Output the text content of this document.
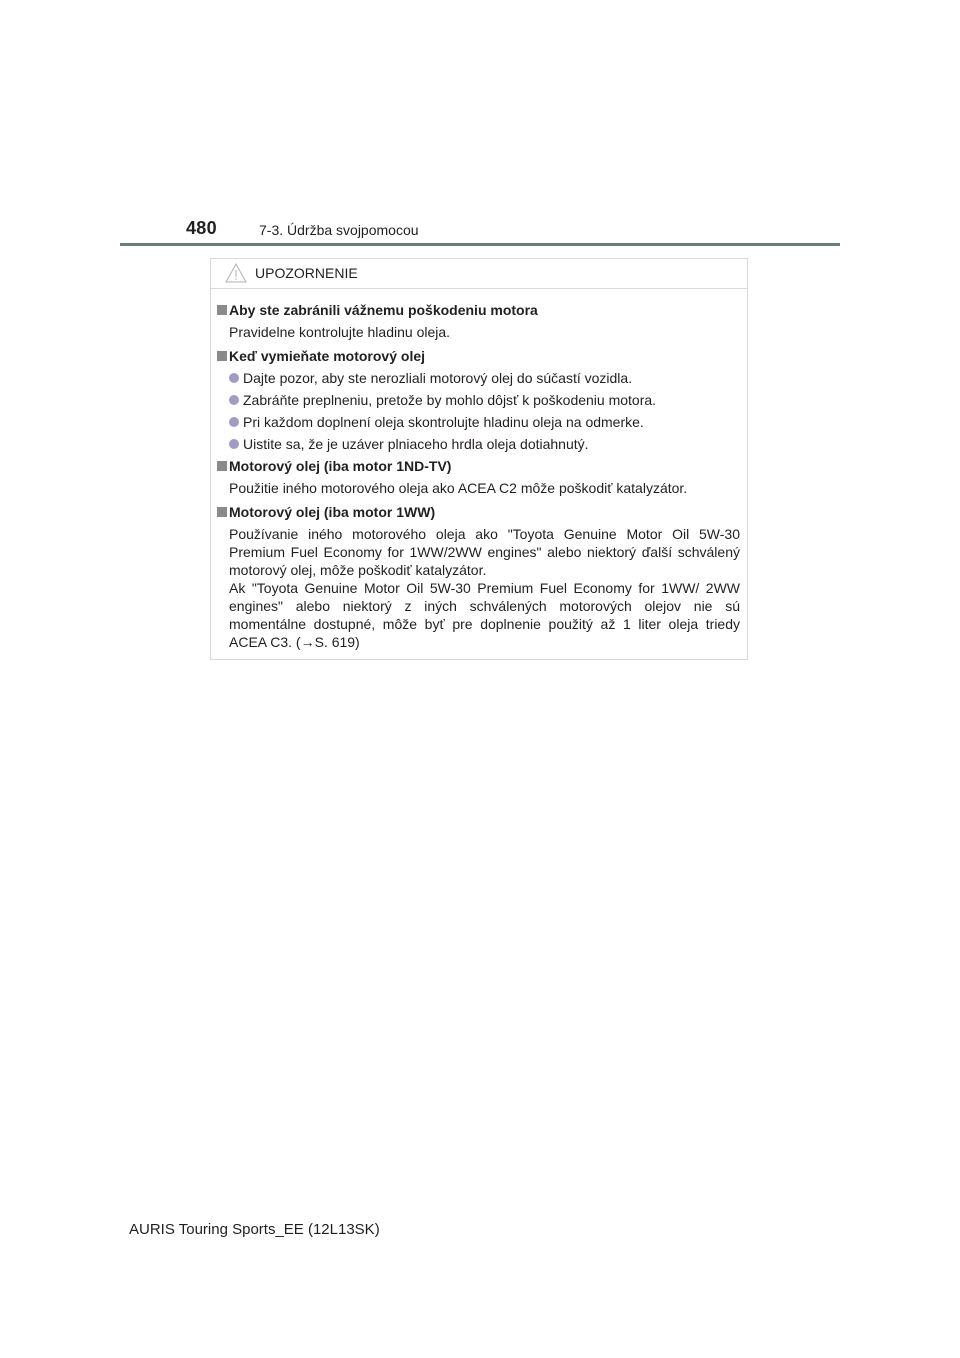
480	7-3. Údržba svojpomocou
UPOZORNENIE
Aby ste zabránili vážnemu poškodeniu motora
Pravidelne kontrolujte hladinu oleja.
Keď vymieňate motorový olej
Dajte pozor, aby ste nerozliali motorový olej do súčastí vozidla.
Zabráňte preplneniu, pretože by mohlo dôjsť k poškodeniu motora.
Pri každom doplnení oleja skontrolujte hladinu oleja na odmerke.
Uistite sa, že je uzáver plniaceho hrdla oleja dotiahnutý.
Motorový olej (iba motor 1ND-TV)
Použitie iného motorového oleja ako ACEA C2 môže poškodiť katalyzátor.
Motorový olej (iba motor 1WW)
Používanie iného motorového oleja ako "Toyota Genuine Motor Oil 5W-30 Premium Fuel Economy for 1WW/2WW engines" alebo niektorý ďalší schválený motorový olej, môže poškodiť katalyzátor.
Ak "Toyota Genuine Motor Oil 5W-30 Premium Fuel Economy for 1WW/ 2WW engines" alebo niektorý z iných schválených motorových olejov nie sú momentálne dostupné, môže byť pre doplnenie použitý až 1 liter oleja triedy ACEA C3. (→S. 619)
AURIS Touring Sports_EE (12L13SK)
